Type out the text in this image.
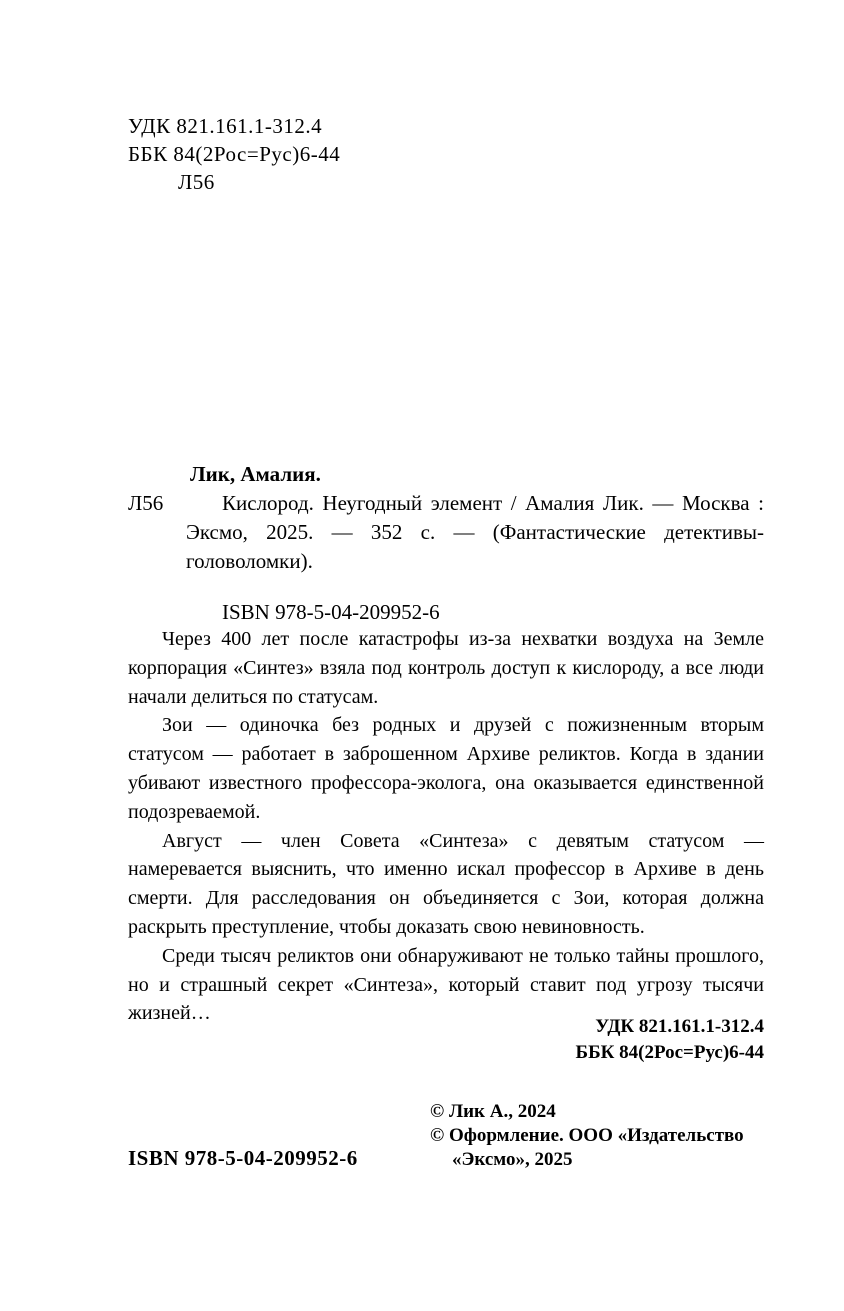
УДК 821.161.1-312.4
ББК 84(2Рос=Рус)6-44
Л56
Лик, Амалия.
Л56	Кислород. Неугодный элемент / Амалия Лик. — Москва : Эксмо, 2025. — 352 с. — (Фантастические детективы-головоломки).

ISBN 978-5-04-209952-6

Через 400 лет после катастрофы из-за нехватки воздуха на Земле корпорация «Синтез» взяла под контроль доступ к кислороду, а все люди начали делиться по статусам.

Зои — одиночка без родных и друзей с пожизненным вторым статусом — работает в заброшенном Архиве реликтов. Когда в здании убивают известного профессора-эколога, она оказывается единственной подозреваемой.

Август — член Совета «Синтеза» с девятым статусом — намеревается выяснить, что именно искал профессор в Архиве в день смерти. Для расследования он объединяется с Зои, которая должна раскрыть преступление, чтобы доказать свою невиновность.

Среди тысяч реликтов они обнаруживают не только тайны прошлого, но и страшный секрет «Синтеза», который ставит под угрозу тысячи жизней…

УДК 821.161.1-312.4
ББК 84(2Рос=Рус)6-44
© Лик А., 2024
© Оформление. ООО «Издательство
«Эксмо», 2025
ISBN 978-5-04-209952-6
